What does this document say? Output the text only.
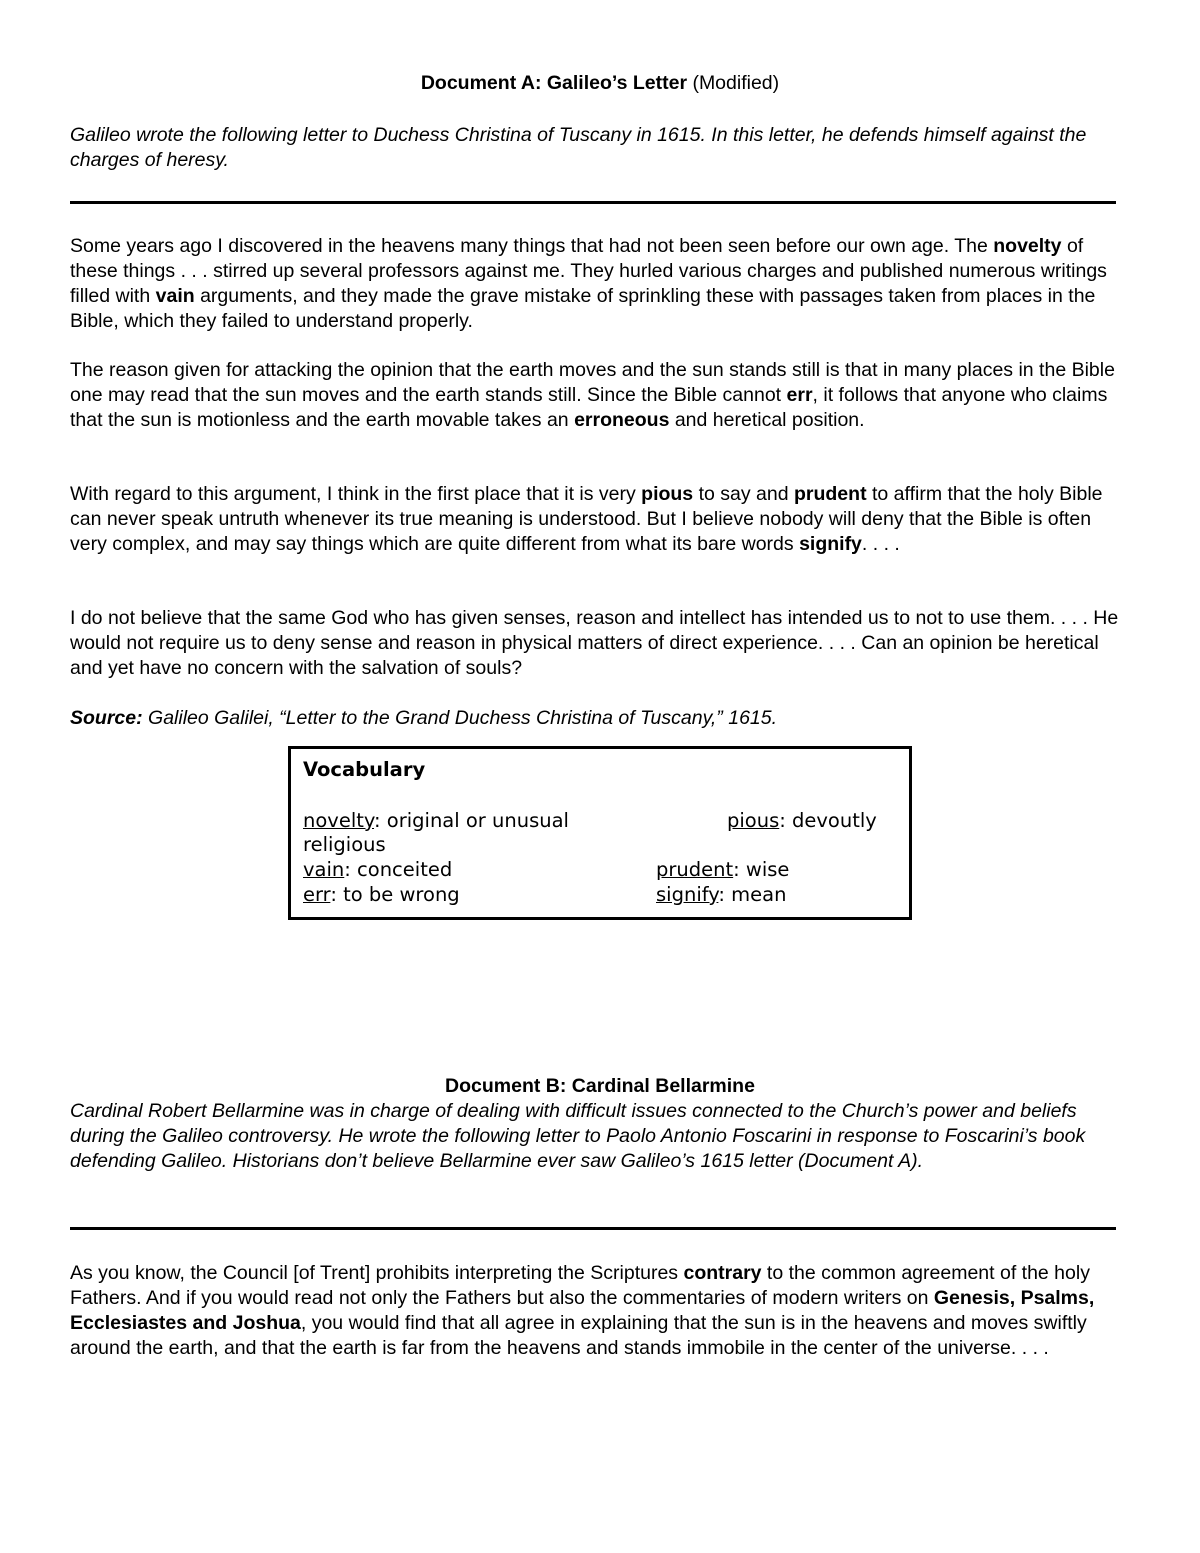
Document A: Galileo’s Letter (Modified)
Galileo wrote the following letter to Duchess Christina of Tuscany in 1615. In this letter, he defends himself against the charges of heresy.

Some years ago I discovered in the heavens many things that had not been seen before our own age. The novelty of these things . . . stirred up several professors against me. They hurled various charges and published numerous writings filled with vain arguments, and they made the grave mistake of sprinkling these with passages taken from places in the Bible, which they failed to understand properly.

The reason given for attacking the opinion that the earth moves and the sun stands still is that in many places in the Bible one may read that the sun moves and the earth stands still. Since the Bible cannot err, it follows that anyone who claims that the sun is motionless and the earth movable takes an erroneous and heretical position.

With regard to this argument, I think in the first place that it is very pious to say and prudent to affirm that the holy Bible can never speak untruth whenever its true meaning is understood. But I believe nobody will deny that the Bible is often very complex, and may say things which are quite different from what its bare words signify. . . .

I do not believe that the same God who has given senses, reason and intellect has intended us to not to use them. . . . He would not require us to deny sense and reason in physical matters of direct experience. . . . Can an opinion be heretical and yet have no concern with the salvation of souls?

Source: Galileo Galilei, “Letter to the Grand Duchess Christina of Tuscany,” 1615.
Vocabulary
novelty: original or unusual	pious: devoutly
religious
vain: conceited	prudent: wise
err: to be wrong	signify: mean
Document B: Cardinal Bellarmine
Cardinal Robert Bellarmine was in charge of dealing with difficult issues connected to the Church’s power and beliefs during the Galileo controversy. He wrote the following letter to Paolo Antonio Foscarini in response to Foscarini’s book defending Galileo. Historians don’t believe Bellarmine ever saw Galileo’s 1615 letter (Document A).

As you know, the Council [of Trent] prohibits interpreting the Scriptures contrary to the common agreement of the holy Fathers. And if you would read not only the Fathers but also the commentaries of modern writers on Genesis, Psalms, Ecclesiastes and Joshua, you would find that all agree in explaining that the sun is in the heavens and moves swiftly around the earth, and that the earth is far from the heavens and stands immobile in the center of the universe. . . .
